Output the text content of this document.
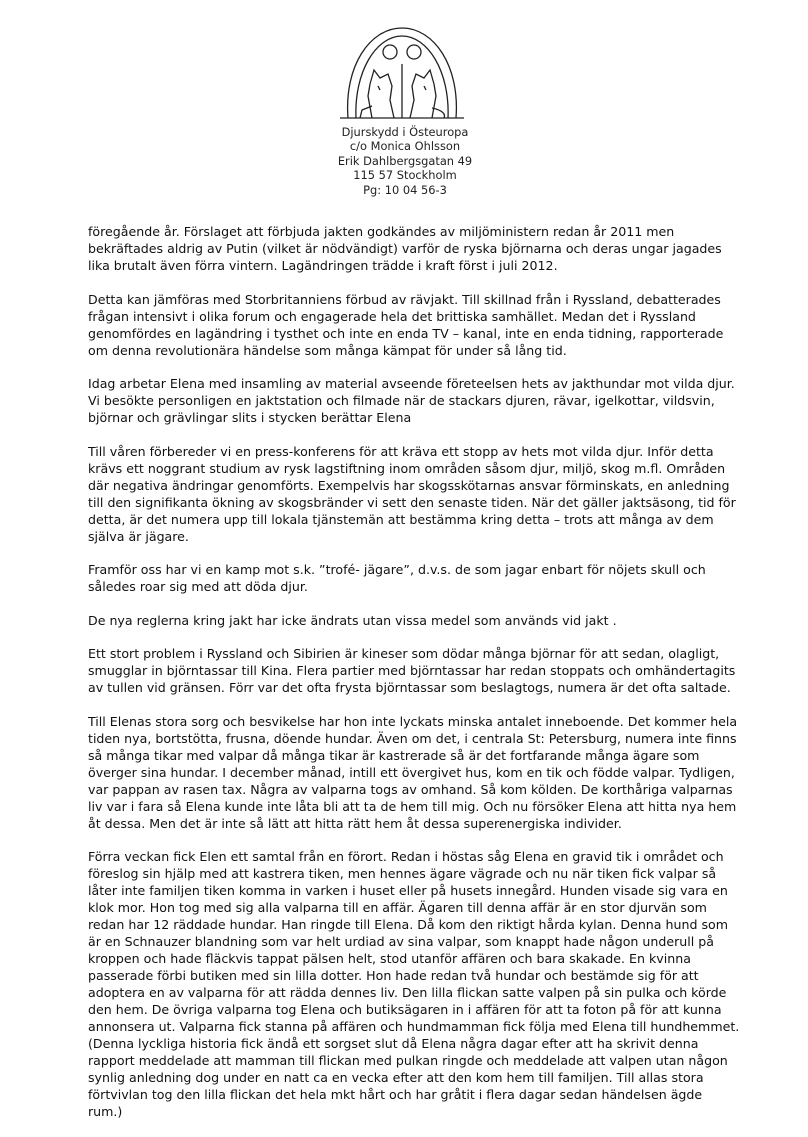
Djurskydd i Östeuropa
c/o Monica Ohlsson
Erik Dahlbergsgatan 49
115 57 Stockholm
Pg: 10 04 56-3

föregående år. Förslaget att förbjuda jakten godkändes av miljöministern redan år 2011 men bekräftades aldrig av Putin (vilket är nödvändigt) varför de ryska björnarna och deras ungar jagades lika brutalt även förra vintern. Lagändringen trädde i kraft först i juli 2012.

Detta kan jämföras med Storbritanniens förbud av rävjakt. Till skillnad från i Ryssland, debatterades frågan intensivt i olika forum och engagerade hela det brittiska samhället. Medan det i Ryssland genomfördes en lagändring i tysthet och inte en enda TV – kanal, inte en enda tidning, rapporterade om denna revolutionära händelse som många kämpat för under så lång tid.

Idag arbetar Elena med insamling av material avseende företeelsen hets av jakthundar mot vilda djur. Vi besökte personligen en jaktstation och filmade när de stackars djuren, rävar, igelkottar, vildsvin, björnar och grävlingar slits i stycken berättar Elena

Till våren förbereder vi en press-konferens för att kräva ett stopp av hets mot vilda djur. Inför detta krävs ett noggrant studium av rysk lagstiftning inom områden såsom djur, miljö, skog m.fl. Områden där negativa ändringar genomförts. Exempelvis har skogsskötarnas ansvar förminskats, en anledning till den signifikanta ökning av skogsbränder vi sett den senaste tiden. När det gäller jaktsäsong, tid för detta, är det numera upp till lokala tjänstemän att bestämma kring detta – trots att många av dem själva är jägare.

Framför oss har vi en kamp mot s.k. ”trofé- jägare”, d.v.s. de som jagar enbart för nöjets skull och således roar sig med att döda djur.

De nya reglerna kring jakt har icke ändrats utan vissa medel som används vid jakt .

Ett stort problem i Ryssland och Sibirien är kineser som dödar många björnar för att sedan, olagligt, smugglar in björntassar till Kina. Flera partier med björntassar har redan stoppats och omhändertagits av tullen vid gränsen. Förr var det ofta frysta björntassar som beslagtogs, numera är det ofta saltade.

Till Elenas stora sorg och besvikelse har hon inte lyckats minska antalet inneboende. Det kommer hela tiden nya, bortstötta, frusna, döende hundar. Även om det, i centrala St: Petersburg, numera inte finns så många tikar med valpar då många tikar är kastrerade så är det fortfarande många ägare som överger sina hundar. I december månad, intill ett övergivet hus, kom en tik och födde valpar. Tydligen, var pappan av rasen tax. Några av valparna togs av omhand. Så kom kölden. De korthåriga valparnas liv var i fara så Elena kunde inte låta bli att ta de hem till mig. Och nu försöker Elena att hitta nya hem åt dessa. Men det är inte så lätt att hitta rätt hem åt dessa superenergiska individer.

Förra veckan fick Elen ett samtal från en förort. Redan i höstas såg Elena en gravid tik i området och föreslog sin hjälp med att kastrera tiken, men hennes ägare vägrade och nu när tiken fick valpar så låter inte familjen tiken komma in varken i huset eller på husets innegård. Hunden visade sig vara en klok mor. Hon tog med sig alla valparna till en affär. Ägaren till denna affär är en stor djurvän som redan har 12 räddade hundar. Han ringde till Elena. Då kom den riktigt hårda kylan. Denna hund som är en Schnauzer blandning som var helt urdiad av sina valpar, som knappt hade någon underull på kroppen och hade fläckvis tappat pälsen helt, stod utanför affären och bara skakade. En kvinna passerade förbi butiken med sin lilla dotter. Hon hade redan två hundar och bestämde sig för att adoptera en av valparna för att rädda dennes liv. Den lilla flickan satte valpen på sin pulka och körde den hem. De övriga valparna tog Elena och butiksägaren in i affären för att ta foton på för att kunna annonsera ut. Valparna fick stanna på affären och hundmamman fick följa med Elena till hundhemmet. (Denna lyckliga historia fick ändå ett sorgset slut då Elena några dagar efter att ha skrivit denna rapport meddelade att mamman till flickan med pulkan ringde och meddelade att valpen utan någon synlig anledning dog under en natt ca en vecka efter att den kom hem till familjen. Till allas stora förtvivlan tog den lilla flickan det hela mkt hårt och har gråtit i flera dagar sedan händelsen ägde rum.)
